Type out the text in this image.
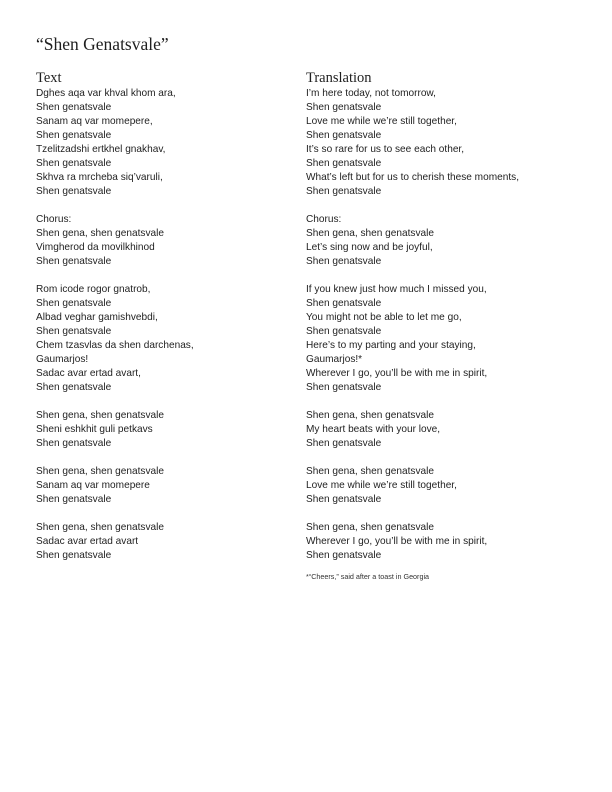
“Shen Genatsvale”
Text
Dghes aqa var khval khom ara,
Shen genatsvale
Sanam aq var momepere,
Shen genatsvale
Tzelitzadshi ertkhel gnakhav,
Shen genatsvale
Skhva ra mrcheba siq’varuli,
Shen genatsvale
Chorus:
Shen gena, shen genatsvale
Vimgherod da movilkhinod
Shen genatsvale
Rom icode rogor gnatrob,
Shen genatsvale
Albad veghar gamishvebdi,
Shen genatsvale
Chem tzasvlas da shen darchenas,
Gaumarjos!
Sadac avar ertad avart,
Shen genatsvale
Shen gena, shen genatsvale
Sheni eshkhit guli petkavs
Shen genatsvale
Shen gena, shen genatsvale
Sanam aq var momepere
Shen genatsvale
Shen gena, shen genatsvale
Sadac avar ertad avart
Shen genatsvale
Translation
I’m here today, not tomorrow,
Shen genatsvale
Love me while we’re still together,
Shen genatsvale
It’s so rare for us to see each other,
Shen genatsvale
What’s left but for us to cherish these moments,
Shen genatsvale
Chorus:
Shen gena, shen genatsvale
Let’s sing now and be joyful,
Shen genatsvale
If you knew just how much I missed you,
Shen genatsvale
You might not be able to let me go,
Shen genatsvale
Here’s to my parting and your staying,
Gaumarjos!*
Wherever I go, you’ll be with me in spirit,
Shen genatsvale
Shen gena, shen genatsvale
My heart beats with your love,
Shen genatsvale
Shen gena, shen genatsvale
Love me while we’re still together,
Shen genatsvale
Shen gena, shen genatsvale
Wherever I go, you’ll be with me in spirit,
Shen genatsvale
*“Cheers,” said after a toast in Georgia
